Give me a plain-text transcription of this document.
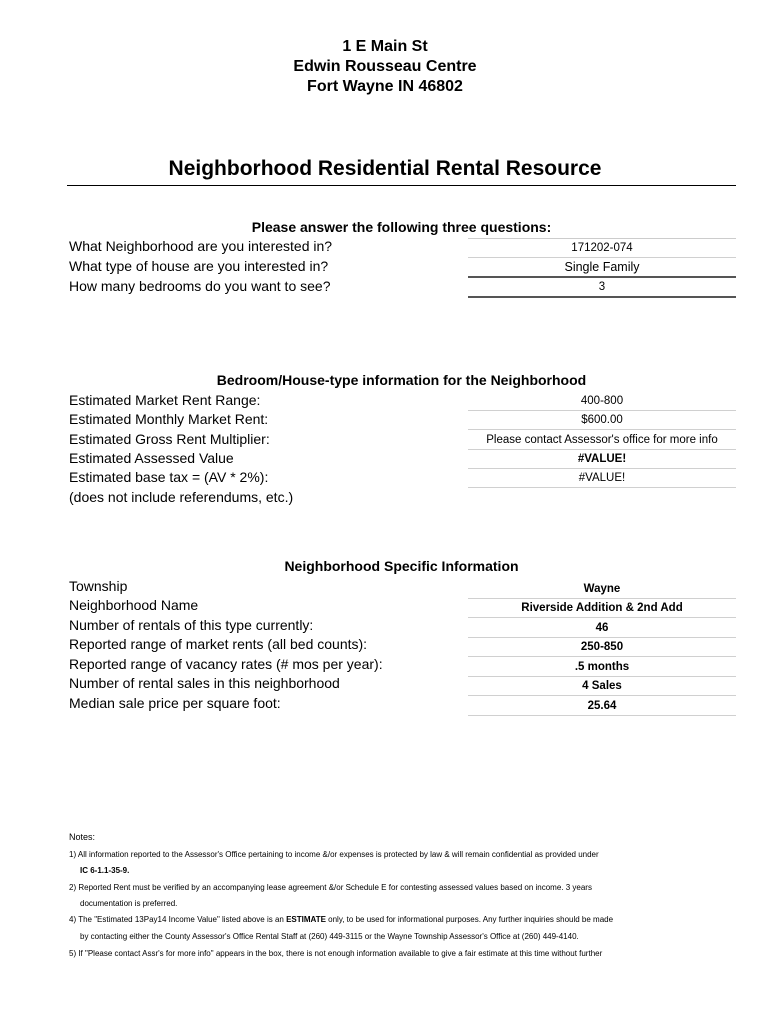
1 E Main St
Edwin Rousseau Centre
Fort Wayne IN 46802
Neighborhood Residential Rental Resource
Please answer the following three questions:
What Neighborhood are you interested in?	171202-074
What type of house are you interested in?	Single Family
How many bedrooms do you want to see?	3
Bedroom/House-type information for the Neighborhood
Estimated Market Rent Range:	400-800
Estimated Monthly Market Rent:	$600.00
Estimated Gross Rent Multiplier:	Please contact Assessor's office for more info
Estimated Assessed Value	#VALUE!
Estimated base tax = (AV * 2%):	#VALUE!
(does not include referendums, etc.)
Neighborhood Specific Information
Township	Wayne
Neighborhood Name	Riverside Addition & 2nd Add
Number of rentals of this type currently:	46
Reported range of market rents (all bed counts):	250-850
Reported range of vacancy rates (# mos per year):	.5 months
Number of rental sales in this neighborhood	4 Sales
Median sale price per square foot:	25.64
Notes:
1) All information reported to the Assessor's Office pertaining to income &/or expenses is protected by law & will remain confidential as provided under
IC 6-1.1-35-9.
2) Reported Rent must be verified by an accompanying lease agreement &/or Schedule E for contesting assessed values based on income. 3 years
documentation is preferred.
4) The "Estimated 13Pay14 Income Value" listed above is an ESTIMATE only, to be used for informational purposes. Any further inquiries should be made
by contacting either the County Assessor's Office Rental Staff at (260) 449-3115 or the Wayne Township Assessor's Office at (260) 449-4140.
5) If "Please contact Assr's for more info" appears in the box, there is not enough information available to give a fair estimate at this time without further
